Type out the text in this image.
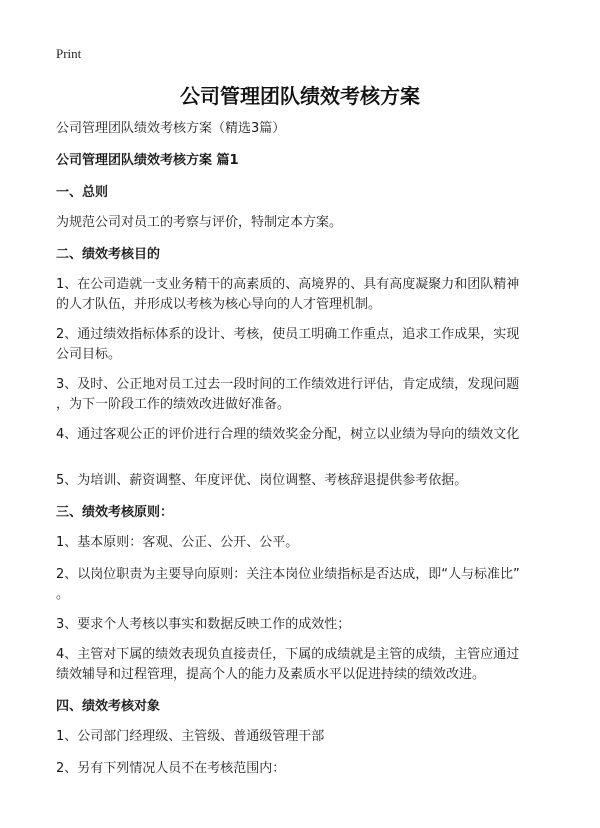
Print
公司管理团队绩效考核方案
公司管理团队绩效考核方案（精选3篇）
公司管理团队绩效考核方案 篇1
一、总则
为规范公司对员工的考察与评价，特制定本方案。
二、绩效考核目的
1、在公司造就一支业务精干的高素质的、高境界的、具有高度凝聚力和团队精神
的人才队伍，并形成以考核为核心导向的人才管理机制。
2、通过绩效指标体系的设计、考核，使员工明确工作重点，追求工作成果，实现
公司目标。
3、及时、公正地对员工过去一段时间的工作绩效进行评估，肯定成绩，发现问题
，为下一阶段工作的绩效改进做好准备。
4、通过客观公正的评价进行合理的绩效奖金分配，树立以业绩为导向的绩效文化
5、为培训、薪资调整、年度评优、岗位调整、考核辞退提供参考依据。
三、绩效考核原则：
1、基本原则：客观、公正、公开、公平。
2、以岗位职责为主要导向原则：关注本岗位业绩指标是否达成，即“人与标准比”
。
3、要求个人考核以事实和数据反映工作的成效性；
4、主管对下属的绩效表现负直接责任，下属的成绩就是主管的成绩，主管应通过
绩效辅导和过程管理，提高个人的能力及素质水平以促进持续的绩效改进。
四、绩效考核对象
1、公司部门经理级、主管级、普通级管理干部
2、另有下列情况人员不在考核范围内：
